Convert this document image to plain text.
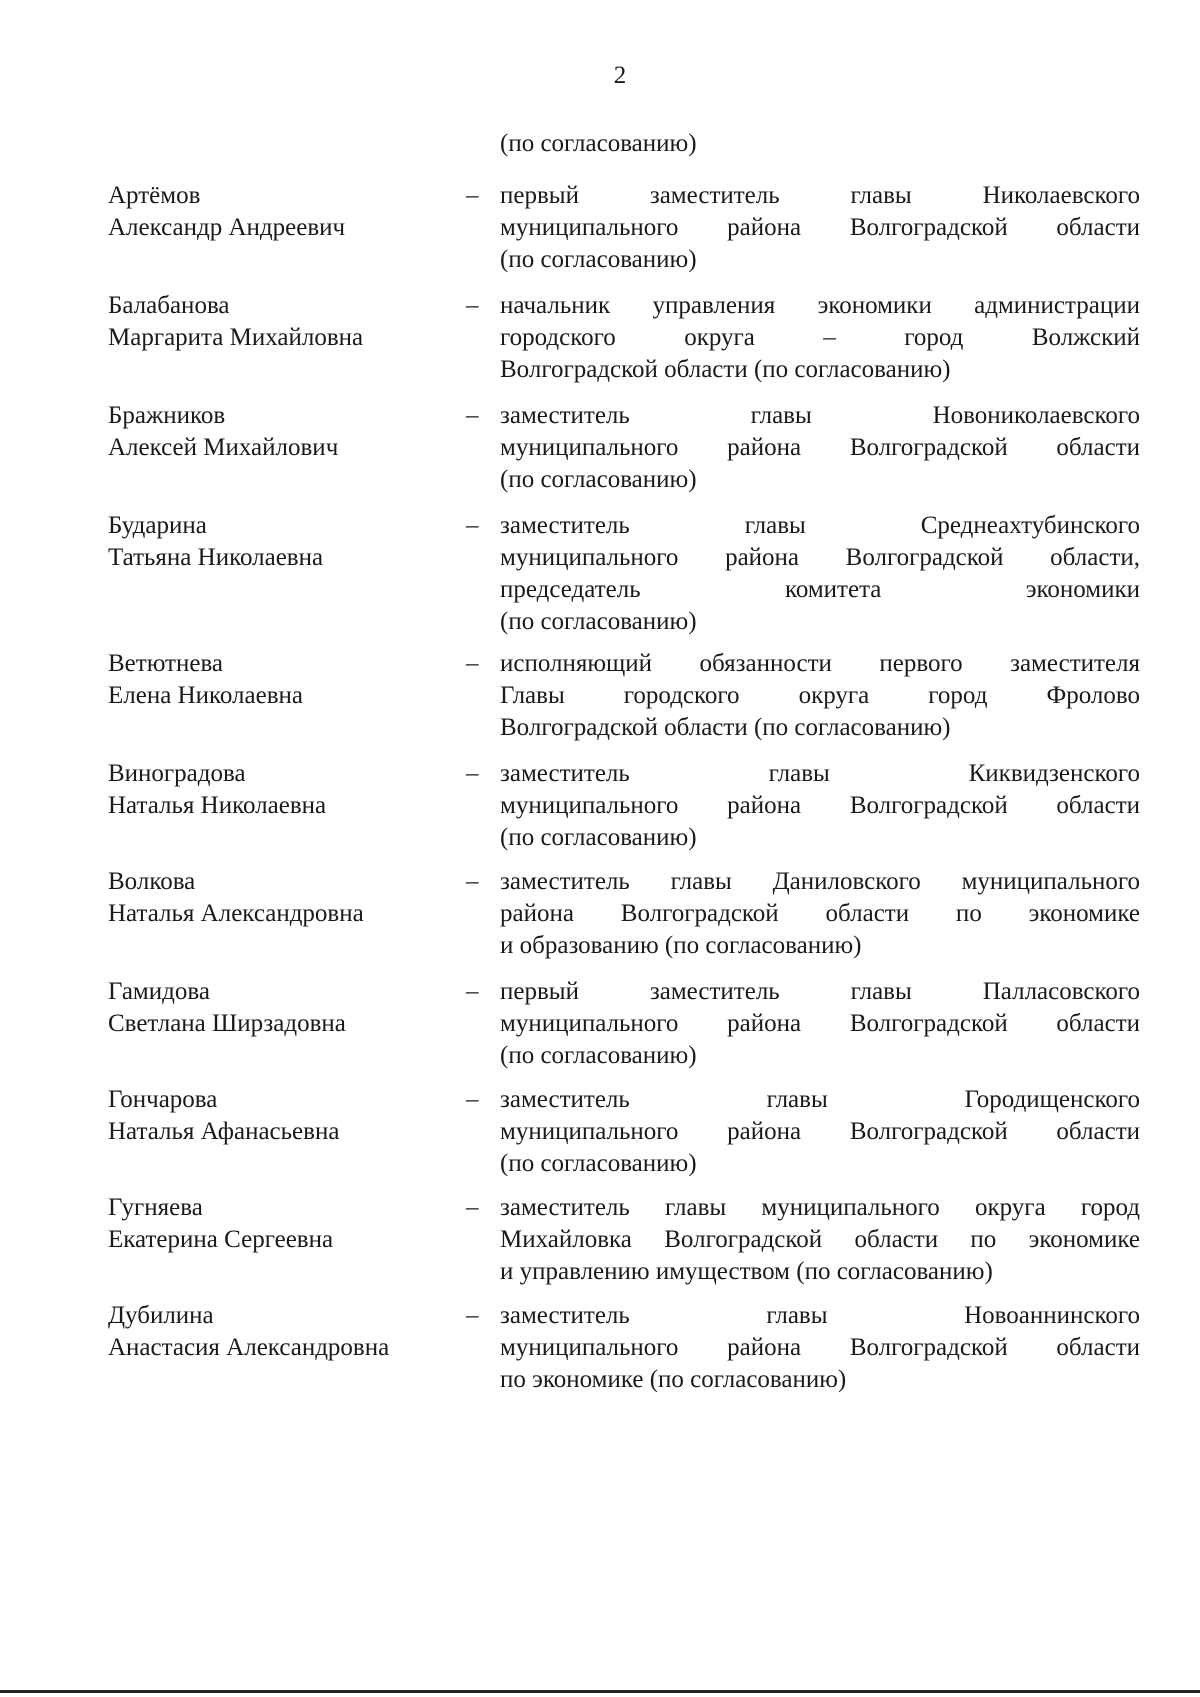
2
(по согласованию)
Артёмов
Александр Андреевич
– первый заместитель главы Николаевского
муниципального района Волгоградской области
(по согласованию)
Балабанова
Маргарита Михайловна
– начальник управления экономики администрации
городского округа – город Волжский
Волгоградской области (по согласованию)
Бражников
Алексей Михайлович
– заместитель главы Новониколаевского
муниципального района Волгоградской области
(по согласованию)
Бударина
Татьяна Николаевна
– заместитель главы Среднеахтубинского
муниципального района Волгоградской области,
председатель комитета экономики
(по согласованию)
Ветютнева
Елена Николаевна
– исполняющий обязанности первого заместителя
Главы городского округа город Фролово
Волгоградской области (по согласованию)
Виноградова
Наталья Николаевна
– заместитель главы Киквидзенского
муниципального района Волгоградской области
(по согласованию)
Волкова
Наталья Александровна
– заместитель главы Даниловского муниципального
района Волгоградской области по экономике
и образованию (по согласованию)
Гамидова
Светлана Ширзадовна
– первый заместитель главы Палласовского
муниципального района Волгоградской области
(по согласованию)
Гончарова
Наталья Афанасьевна
– заместитель главы Городищенского
муниципального района Волгоградской области
(по согласованию)
Гугняева
Екатерина Сергеевна
– заместитель главы муниципального округа город
Михайловка Волгоградской области по экономике
и управлению имуществом (по согласованию)
Дубилина
Анастасия Александровна
– заместитель главы Новоаннинского
муниципального района Волгоградской области
по экономике (по согласованию)
